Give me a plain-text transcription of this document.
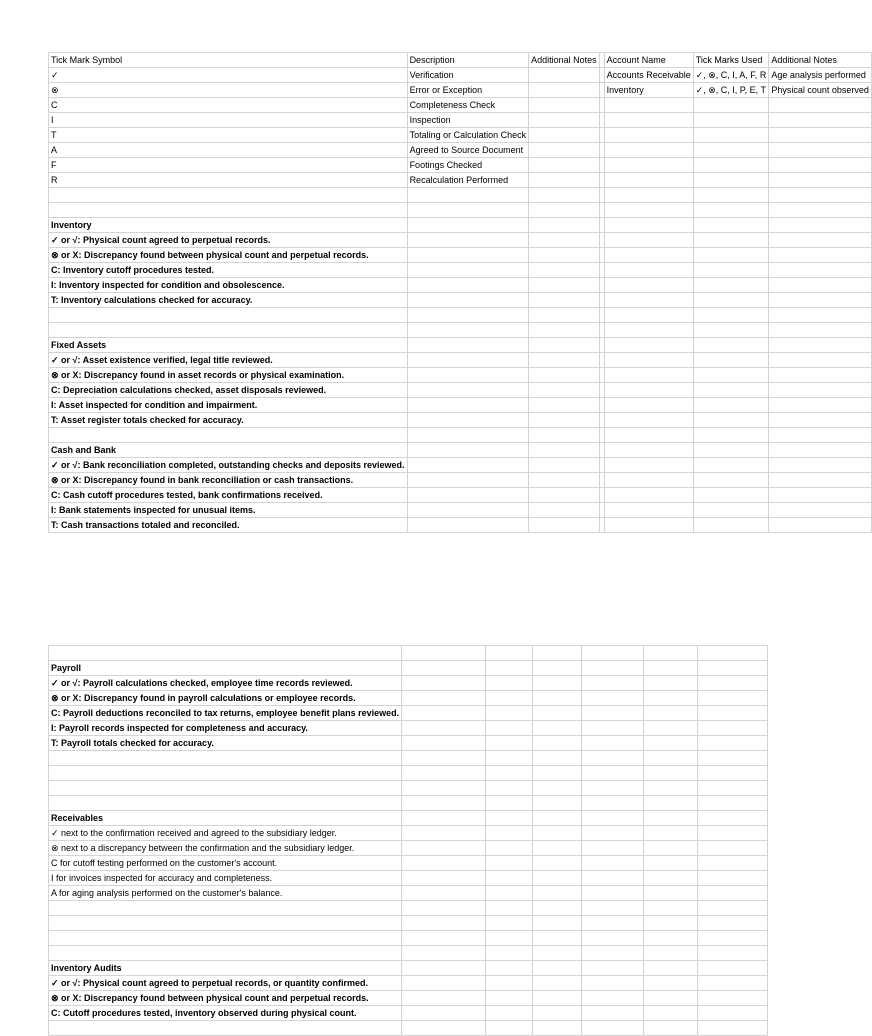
Tick Mark Symbol	Description	Additional Notes		Account Name	Tick Marks Used	Additional Notes
✓	Verification			Accounts Receivable	✓, ⊗, C, I, A, F, R	Age analysis performed
⊗	Error or Exception			Inventory	✓, ⊗, C, I, P, E, T	Physical count observed
C	Completeness Check					
I	Inspection					
T	Totaling or Calculation Check					
A	Agreed to Source Document					
F	Footings Checked					
R	Recalculation Performed					

Inventory						
✓ or √: Physical count agreed to perpetual records.						
⊗ or X: Discrepancy found between physical count and perpetual records.						
C: Inventory cutoff procedures tested.						
I: Inventory inspected for condition and obsolescence.						
T: Inventory calculations checked for accuracy.						

Fixed Assets						
✓ or √: Asset existence verified, legal title reviewed.						
⊗ or X: Discrepancy found in asset records or physical examination.						
C: Depreciation calculations checked, asset disposals reviewed.						
I: Asset inspected for condition and impairment.						
T: Asset register totals checked for accuracy.						

Cash and Bank						
✓ or √: Bank reconciliation completed, outstanding checks and deposits reviewed.						
⊗ or X: Discrepancy found in bank reconciliation or cash transactions.						
C: Cash cutoff procedures tested, bank confirmations received.						
I: Bank statements inspected for unusual items.						
T: Cash transactions totaled and reconciled.						

Payroll						
✓ or √: Payroll calculations checked, employee time records reviewed.						
⊗ or X: Discrepancy found in payroll calculations or employee records.						
C: Payroll deductions reconciled to tax returns, employee benefit plans reviewed.						
I: Payroll records inspected for completeness and accuracy.						
T: Payroll totals checked for accuracy.						

Receivables						
✓ next to the confirmation received and agreed to the subsidiary ledger.						
⊗ next to a discrepancy between the confirmation and the subsidiary ledger.						
C for cutoff testing performed on the customer's account.						
I for invoices inspected for accuracy and completeness.						
A for aging analysis performed on the customer's balance.						

Inventory Audits						
✓ or √: Physical count agreed to perpetual records, or quantity confirmed.						
⊗ or X: Discrepancy found between physical count and perpetual records.						
C: Cutoff procedures tested, inventory observed during physical count.						
